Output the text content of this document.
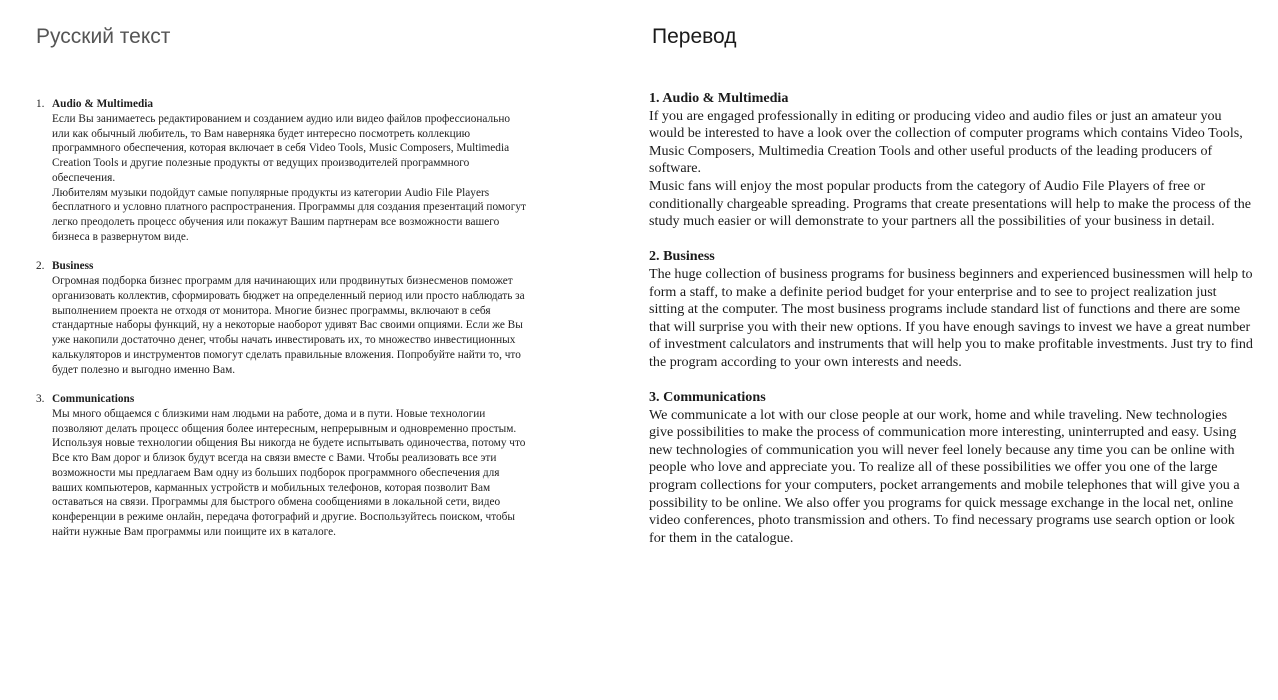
Русский текст	Перевод
1. Audio & Multimedia

Если Вы занимаетесь редактированием и созданием аудио или видео файлов профессионально или как обычный любитель, то Вам наверняка будет интересно посмотреть коллекцию программного обеспечения, которая включает в себя Video Tools, Music Composers, Multimedia Creation Tools и другие полезные продукты от ведущих производителей программного обеспечения.

Любителям музыки подойдут самые популярные продукты из категории Audio File Players бесплатного и условно платного распространения. Программы для создания презентаций помогут легко преодолеть процесс обучения или покажут Вашим партнерам все возможности вашего бизнеса в развернутом виде.

2. Business

Огромная подборка бизнес программ для начинающих или продвинутых бизнесменов поможет организовать коллектив, сформировать бюджет на определенный период или просто наблюдать за выполнением проекта не отходя от монитора. Многие бизнес программы, включают в себя стандартные наборы функций, ну а некоторые наоборот удивят Вас своими опциями. Если же Вы уже накопили достаточно денег, чтобы начать инвестировать их, то множество инвестиционных калькуляторов и инструментов помогут сделать правильные вложения. Попробуйте найти то, что будет полезно и выгодно именно Вам.

3. Communications

Мы много общаемся с близкими нам людьми на работе, дома и в пути. Новые технологии позволяют делать процесс общения более интересным, непрерывным и одновременно простым. Используя новые технологии общения Вы никогда не будете испытывать одиночества, потому что Все кто Вам дорог и близок будут всегда на связи вместе с Вами. Чтобы реализовать все эти возможности мы предлагаем Вам одну из больших подборок программного обеспечения для ваших компьютеров, карманных устройств и мобильных телефонов, которая позволит Вам оставаться на связи. Программы для быстрого обмена сообщениями в локальной сети, видео конференции в режиме онлайн, передача фотографий и другие. Воспользуйтесь поиском, чтобы найти нужные Вам программы или поищите их в каталоге.

1. Audio & Multimedia

If you are engaged professionally in editing or producing video and audio files or just an amateur you would be interested to have a look over the collection of computer programs which contains Video Tools, Music Composers, Multimedia Creation Tools and other useful products of the leading producers of software.

Music fans will enjoy the most popular products from the category of Audio File Players of free or conditionally chargeable spreading. Programs that create presentations will help to make the process of the study much easier or will demonstrate to your partners all the possibilities of your business in detail.

2. Business

The huge collection of business programs for business beginners and experienced businessmen will help to form a staff, to make a definite period budget for your enterprise and to see to project realization just sitting at the computer. The most business programs include standard list of functions and there are some that will surprise you with their new options. If you have enough savings to invest we have a great number of investment calculators and instruments that will help you to make profitable investments. Just try to find the program according to your own interests and needs.

3. Communications

We communicate a lot with our close people at our work, home and while traveling. New technologies give possibilities to make the process of communication more interesting, uninterrupted and easy. Using new technologies of communication you will never feel lonely because any time you can be online with people who love and appreciate you. To realize all of these possibilities we offer you one of the large program collections for your computers, pocket arrangements and mobile telephones that will give you a possibility to be online. We also offer you programs for quick message exchange in the local net, online video conferences, photo transmission and others. To find necessary programs use search option or look for them in the catalogue.
